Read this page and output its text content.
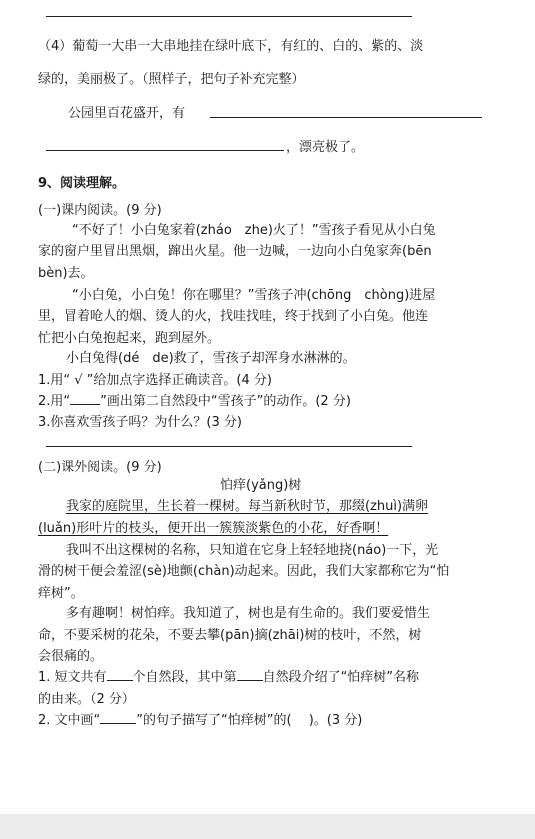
（4）葡萄一大串一大串地挂在绿叶底下，有红的、白的、紫的、淡
绿的，美丽极了。（照样子，把句子补充完整）
公园里百花盛开，有
，漂亮极了。
9、阅读理解。
(一)课内阅读。(9 分)
“不好了！小白兔家着(zháo　zhe)火了！”雪孩子看见从小白兔
家的窗户里冒出黑烟，蹿出火星。他一边喊，一边向小白兔家奔(bēn
bèn)去。
“小白兔，小白兔！你在哪里？”雪孩子冲(chōng　chòng)进屋
里，冒着呛人的烟、烫人的火，找哇找哇，终于找到了小白兔。他连
忙把小白兔抱起来，跑到屋外。
小白兔得(dé　de)救了，雪孩子却浑身水淋淋的。
1.用“ √ ”给加点字选择正确读音。(4 分)
2.用“ ”画出第二自然段中“雪孩子”的动作。(2 分)
3.你喜欢雪孩子吗？为什么？(3 分)
(二)课外阅读。(9 分)
怕痒(yǎng)树
我家的庭院里，生长着一棵树。每当新秋时节，那缀(zhuì)满卵
(luǎn)形叶片的枝头，便开出一簇簇淡紫色的小花，好香啊！
我叫不出这棵树的名称，只知道在它身上轻轻地挠(náo)一下，光
滑的树干便会羞涩(sè)地颤(chàn)动起来。因此，我们大家都称它为“怕
痒树”。
多有趣啊！树怕痒。我知道了，树也是有生命的。我们要爱惜生
命，不要采树的花朵，不要去攀(pān)摘(zhāi)树的枝叶，不然，树
会很痛的。
1. 短文共有 个自然段，其中第 自然段介绍了“怕痒树”名称
的由来。（2 分）
2. 文中画“	”的句子描写了“怕痒树”的(　 )。(3 分)
